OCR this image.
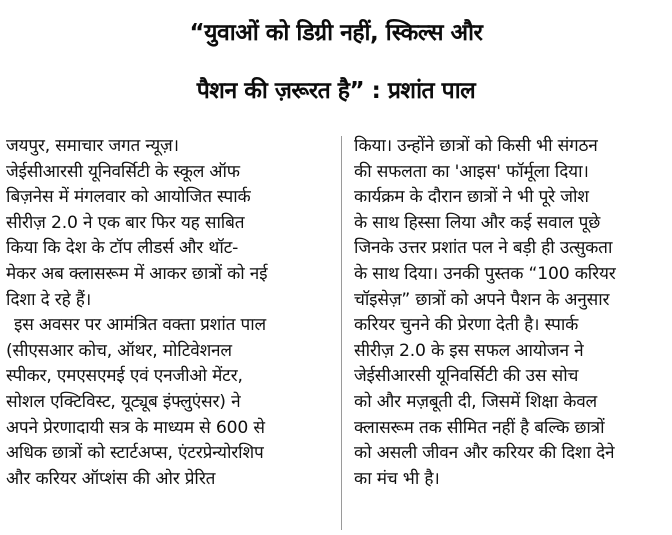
“युवाओं को डिग्री नहीं, स्किल्स और
पैशन की ज़रूरत है” : प्रशांत पाल
जयपुर, समाचार जगत न्यूज़।
जेईसीआरसी यूनिवर्सिटी के स्कूल ऑफ
बिज़नेस में मंगलवार को आयोजित स्पार्क
सीरीज़ 2.0 ने एक बार फिर यह साबित
किया कि देश के टॉप लीडर्स और थॉट-
मेकर अब क्लासरूम में आकर छात्रों को नई
दिशा दे रहे हैं।
इस अवसर पर आमंत्रित वक्ता प्रशांत पाल
(सीएसआर कोच, ऑथर, मोटिवेशनल
स्पीकर, एमएसएमई एवं एनजीओ मेंटर,
सोशल एक्टिविस्ट, यूट्यूब इंफ्लुएंसर) ने
अपने प्रेरणादायी सत्र के माध्यम से 600 से
अधिक छात्रों को स्टार्टअप्स, एंटरप्रेन्योरशिप
और करियर ऑप्शंस की ओर प्रेरित
किया। उन्होंने छात्रों को किसी भी संगठन
की सफलता का 'आइस' फॉर्मूला दिया।
कार्यक्रम के दौरान छात्रों ने भी पूरे जोश
के साथ हिस्सा लिया और कई सवाल पूछे
जिनके उत्तर प्रशांत पल ने बड़ी ही उत्सुकता
के साथ दिया। उनकी पुस्तक “100 करियर
चॉइसेज़” छात्रों को अपने पैशन के अनुसार
करियर चुनने की प्रेरणा देती है। स्पार्क
सीरीज़ 2.0 के इस सफल आयोजन ने
जेईसीआरसी यूनिवर्सिटी की उस सोच
को और मज़बूती दी, जिसमें शिक्षा केवल
क्लासरूम तक सीमित नहीं है बल्कि छात्रों
को असली जीवन और करियर की दिशा देने
का मंच भी है।
